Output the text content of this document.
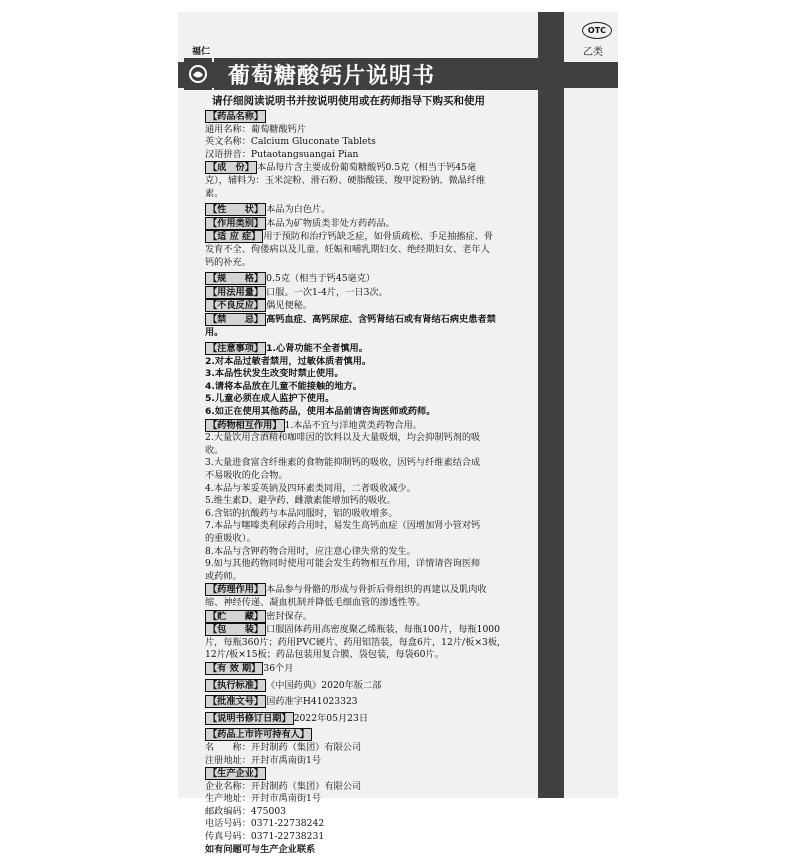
OTC
乙类
福仁
葡萄糖酸钙片说明书
请仔细阅读说明书并按说明使用或在药师指导下购买和使用
【药品名称】
通用名称：葡萄糖酸钙片
英文名称：Calcium Gluconate Tablets
汉语拼音：Putaotangsuangai Pian
【成　份】 本品每片含主要成份葡萄糖酸钙0.5克（相当于钙45毫
克），辅料为：玉米淀粉、滑石粉、硬脂酸镁、羧甲淀粉钠、微晶纤维
素。
【性　　状】 本品为白色片。
【作用类别】 本品为矿物质类非处方药药品。
【适 应 症】 用于预防和治疗钙缺乏症，如骨质疏松、手足抽搐症、骨
发育不全、佝偻病以及儿童、妊娠和哺乳期妇女、绝经期妇女、老年人
钙的补充。
【规　　格】 0.5克（相当于钙45毫克）
【用法用量】 口服。一次1-4片，一日3次。
【不良反应】 偶见便秘。
【禁　　忌】 高钙血症、高钙尿症、含钙肾结石或有肾结石病史患者禁
用。
【注意事项】 1.心肾功能不全者慎用。
2.对本品过敏者禁用，过敏体质者慎用。
3.本品性状发生改变时禁止使用。
4.请将本品放在儿童不能接触的地方。
5.儿童必须在成人监护下使用。
6.如正在使用其他药品，使用本品前请咨询医师或药师。
【药物相互作用】 1.本品不宜与洋地黄类药物合用。
2.大量饮用含酒精和咖啡因的饮料以及大量吸烟，均会抑制钙剂的吸
收。
3.大量进食富含纤维素的食物能抑制钙的吸收，因钙与纤维素结合成
不易吸收的化合物。
4.本品与苯妥英钠及四环素类同用，二者吸收减少。
5.维生素D、避孕药、雌激素能增加钙的吸收。
6.含铝的抗酸药与本品同服时，铝的吸收增多。
7.本品与噻嗪类利尿药合用时，易发生高钙血症（因增加肾小管对钙
的重吸收）。
8.本品与含钾药物合用时，应注意心律失常的发生。
9.如与其他药物同时使用可能会发生药物相互作用，详情请咨询医师
或药师。
【药理作用】 本品参与骨骼的形成与骨折后骨组织的再建以及肌肉收
缩、神经传递、凝血机制并降低毛细血管的渗透性等。
【贮　　藏】 密封保存。
【包　　装】 口服固体药用高密度聚乙烯瓶装，每瓶100片，每瓶1000
片，每瓶360片；药用PVC硬片、药用铝箔装，每盒6片，12片/板×3板，
12片/板×15板；药品包装用复合膜、袋包装，每袋60片。
【有 效 期】 36个月
【执行标准】 《中国药典》2020年版二部
【批准文号】 国药准字H41023323
【说明书修订日期】 2022年05月23日
【药品上市许可持有人】
名　　称：开封制药（集团）有限公司
注册地址：开封市禹南街1号
【生产企业】
企业名称：开封制药（集团）有限公司
生产地址：开封市禹南街1号
邮政编码：475003
电话号码：0371-22738242
传真号码：0371-22738231
如有问题可与生产企业联系
